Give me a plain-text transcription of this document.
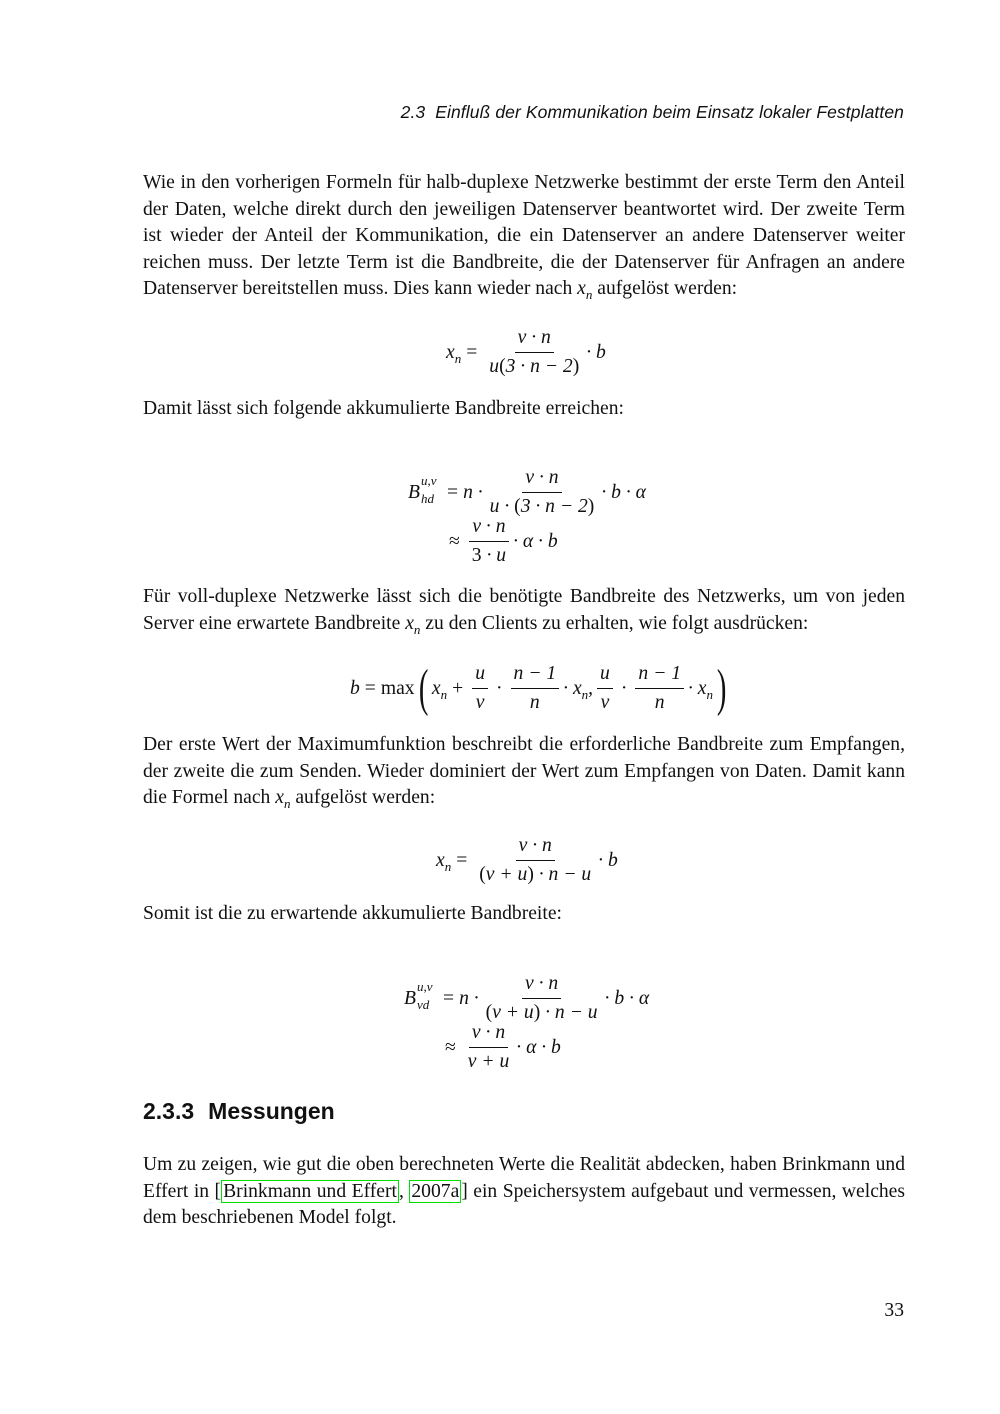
2.3 Einfluß der Kommunikation beim Einsatz lokaler Festplatten
Wie in den vorherigen Formeln für halb-duplexe Netzwerke bestimmt der erste Term den Anteil der Daten, welche direkt durch den jeweiligen Datenserver beantwortet wird. Der zweite Term ist wieder der Anteil der Kommunikation, die ein Datenserver an andere Datenserver weiter reichen muss. Der letzte Term ist die Bandbreite, die der Datenserver für Anfragen an andere Datenserver bereitstellen muss. Dies kann wieder nach $x_n$ aufgelöst werden:
$x_n = \frac{v \cdot n}{u(3 \cdot n - 2)} \cdot b$
Damit lässt sich folgende akkumulierte Bandbreite erreichen:
B
u,v
hd = $n \cdot \frac{v \cdot n}{u \cdot (3 \cdot n - 2)} \cdot b \cdot \alpha$
≈ $\frac{v \cdot n}{3 \cdot u} \cdot \alpha \cdot b$
Für voll-duplexe Netzwerke lässt sich die benötigte Bandbreite des Netzwerks, um von jeden Server eine erwartete Bandbreite $x_n$ zu den Clients zu erhalten, wie folgt ausdrücken:
b = max ( $x_n + \frac{u}{v} \cdot \frac{n - 1}{n} \cdot x_n$, $\frac{u}{v} \cdot \frac{n - 1}{n} \cdot x_n$ )
Der erste Wert der Maximumfunktion beschreibt die erforderliche Bandbreite zum Empfangen, der zweite die zum Senden. Wieder dominiert der Wert zum Empfangen von Daten. Damit kann die Formel nach $x_n$ aufgelöst werden:
$x_n = \frac{v \cdot n}{(v + u) \cdot n - u} \cdot b$
Somit ist die zu erwartende akkumulierte Bandbreite:
B
u,v
vd = $n \cdot \frac{v \cdot n}{(v + u) \cdot n - u} \cdot b \cdot \alpha$
≈ $\frac{v \cdot n}{v + u} \cdot \alpha \cdot b$
2.3.3 Messungen
Um zu zeigen, wie gut die oben berechneten Werte die Realität abdecken, haben Brinkmann und Effert in [ Brinkmann und Effert , 2007a ] ein Speichersystem aufgebaut und vermessen, welches dem beschriebenen Model folgt.
33
